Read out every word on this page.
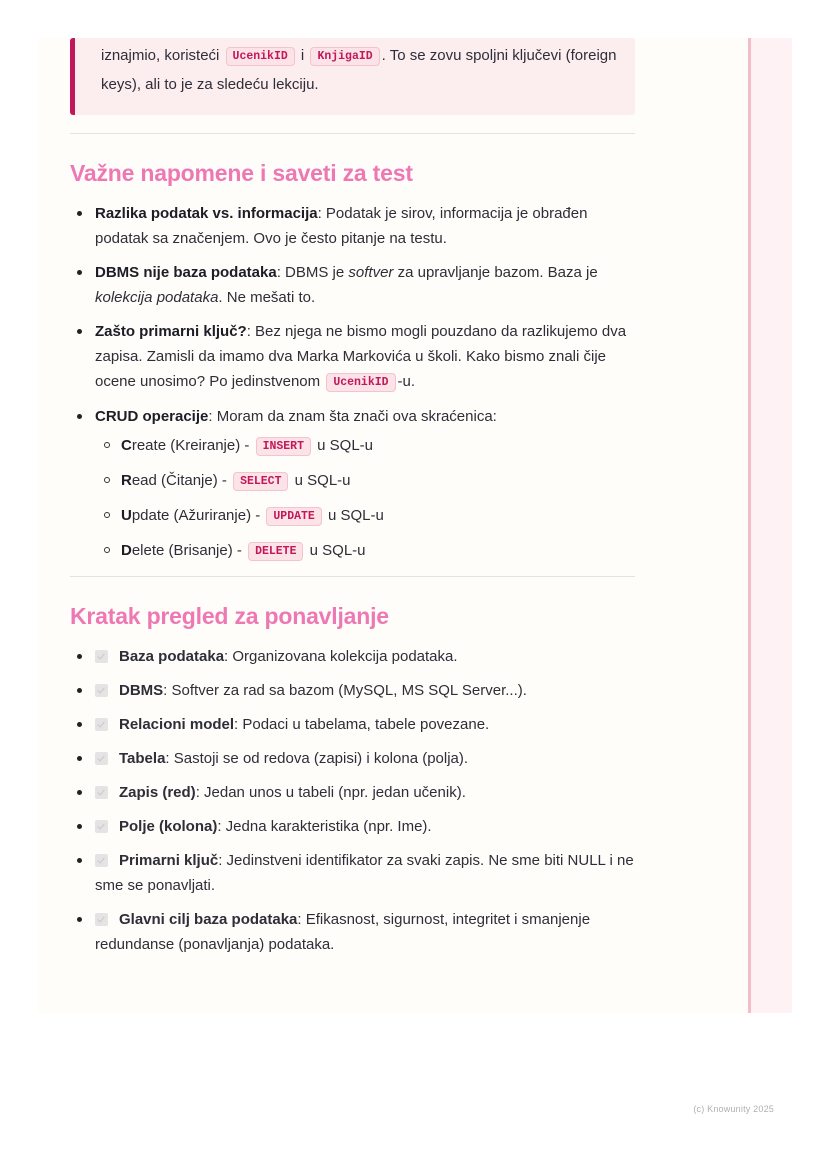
iznajmio, koristeći UcenikID i KnjigaID . To se zovu spoljni ključevi (foreign keys), ali to je za sledeću lekciju.
Važne napomene i saveti za test
Razlika podatak vs. informacija: Podatak je sirov, informacija je obrađen podatak sa značenjem. Ovo je često pitanje na testu.
DBMS nije baza podataka: DBMS je softver za upravljanje bazom. Baza je kolekcija podataka. Ne mešati to.
Zašto primarni ključ?: Bez njega ne bismo mogli pouzdano da razlikujemo dva zapisa. Zamisli da imamo dva Marka Markovića u školi. Kako bismo znali čije ocene unosimo? Po jedinstvenom UcenikID -u.
CRUD operacije: Moram da znam šta znači ova skraćenica:
Create (Kreiranje) - INSERT u SQL-u
Read (Čitanje) - SELECT u SQL-u
Update (Ažuriranje) - UPDATE u SQL-u
Delete (Brisanje) - DELETE u SQL-u
Kratak pregled za ponavljanje
Baza podataka: Organizovana kolekcija podataka.
DBMS: Softver za rad sa bazom (MySQL, MS SQL Server...).
Relacioni model: Podaci u tabelama, tabele povezane.
Tabela: Sastoji se od redova (zapisi) i kolona (polja).
Zapis (red): Jedan unos u tabeli (npr. jedan učenik).
Polje (kolona): Jedna karakteristika (npr. Ime).
Primarni ključ: Jedinstveni identifikator za svaki zapis. Ne sme biti NULL i ne sme se ponavljati.
Glavni cilj baza podataka: Efikasnost, sigurnost, integritet i smanjenje redundanse (ponavljanja) podataka.
(c) Knowunity 2025
